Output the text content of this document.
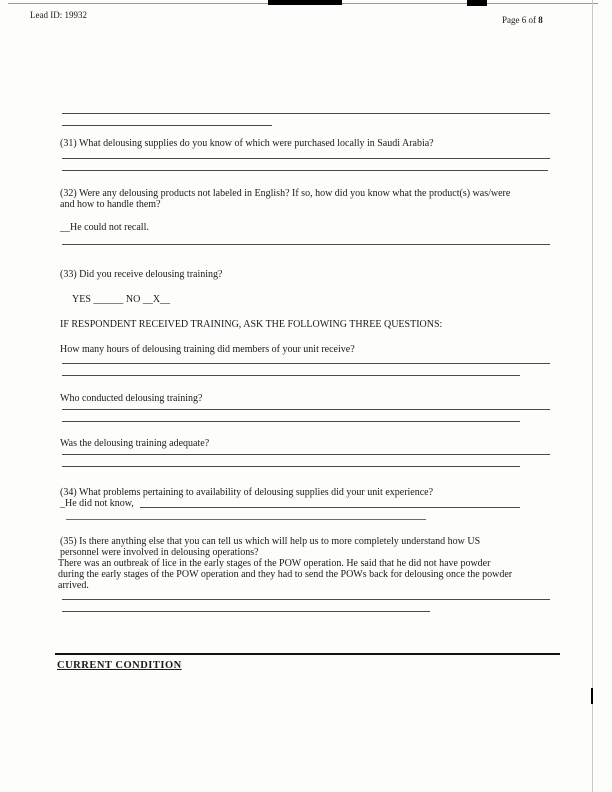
Lead ID: 19932	Page 6 of 8
(31) What delousing supplies do you know of which were purchased locally in Saudi Arabia?
(32) Were any delousing products not labeled in English? If so, how did you know what the product(s) was/were
and how to handle them?
__He could not recall.
(33) Did you receive delousing training?
YES ______ NO __X__
IF RESPONDENT RECEIVED TRAINING, ASK THE FOLLOWING THREE QUESTIONS:
How many hours of delousing training did members of your unit receive?
Who conducted delousing training?
Was the delousing training adequate?
(34) What problems pertaining to availability of delousing supplies did your unit experience?
_He did not know,
(35) Is there anything else that you can tell us which will help us to more completely understand how US
personnel were involved in delousing operations?
There was an outbreak of lice in the early stages of the POW operation. He said that he did not have powder
during the early stages of the POW operation and they had to send the POWs back for delousing once the powder
arrived.
CURRENT CONDITION
